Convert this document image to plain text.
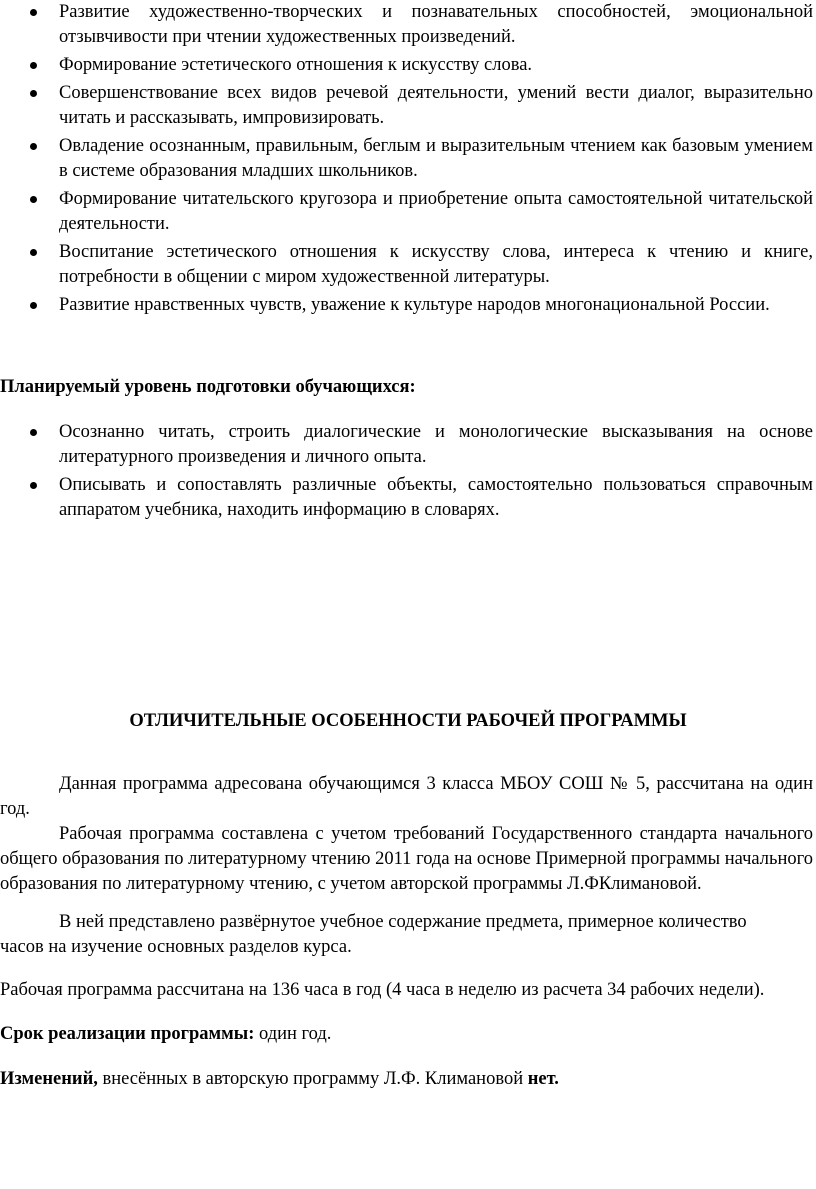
Развитие художественно-творческих и познавательных способностей, эмоциональной отзывчивости при чтении художественных произведений.
Формирование эстетического отношения к искусству слова.
Совершенствование всех видов речевой деятельности, умений вести диалог, выразительно читать и рассказывать, импровизировать.
Овладение осознанным, правильным, беглым и выразительным чтением как базовым умением в системе образования младших школьников.
Формирование читательского кругозора и приобретение опыта самостоятельной читательской деятельности.
Воспитание эстетического отношения к искусству слова, интереса к чтению и книге, потребности в общении с миром художественной литературы.
Развитие нравственных чувств, уважение к культуре народов многонациональной России.
Планируемый уровень подготовки обучающихся:
Осознанно читать, строить диалогические и монологические высказывания на основе литературного произведения и личного опыта.
Описывать и сопоставлять различные объекты, самостоятельно пользоваться справочным аппаратом учебника, находить информацию в словарях.
ОТЛИЧИТЕЛЬНЫЕ ОСОБЕННОСТИ РАБОЧЕЙ ПРОГРАММЫ

Данная программа адресована обучающимся 3 класса МБОУ СОШ № 5, рассчитана на один год.

Рабочая программа составлена с учетом требований Государственного стандарта начального общего образования по литературному чтению 2011 года на основе Примерной программы начального образования по литературному чтению, с учетом авторской программы Л.ФКлимановой.

В ней представлено развёрнутое учебное содержание предмета, примерное количество часов на изучение основных разделов курса.

Рабочая программа рассчитана на 136 часа в год (4 часа в неделю из расчета 34 рабочих недели).

Срок реализации программы: один год.

Изменений, внесённых в авторскую программу Л.Ф. Климановой нет.
